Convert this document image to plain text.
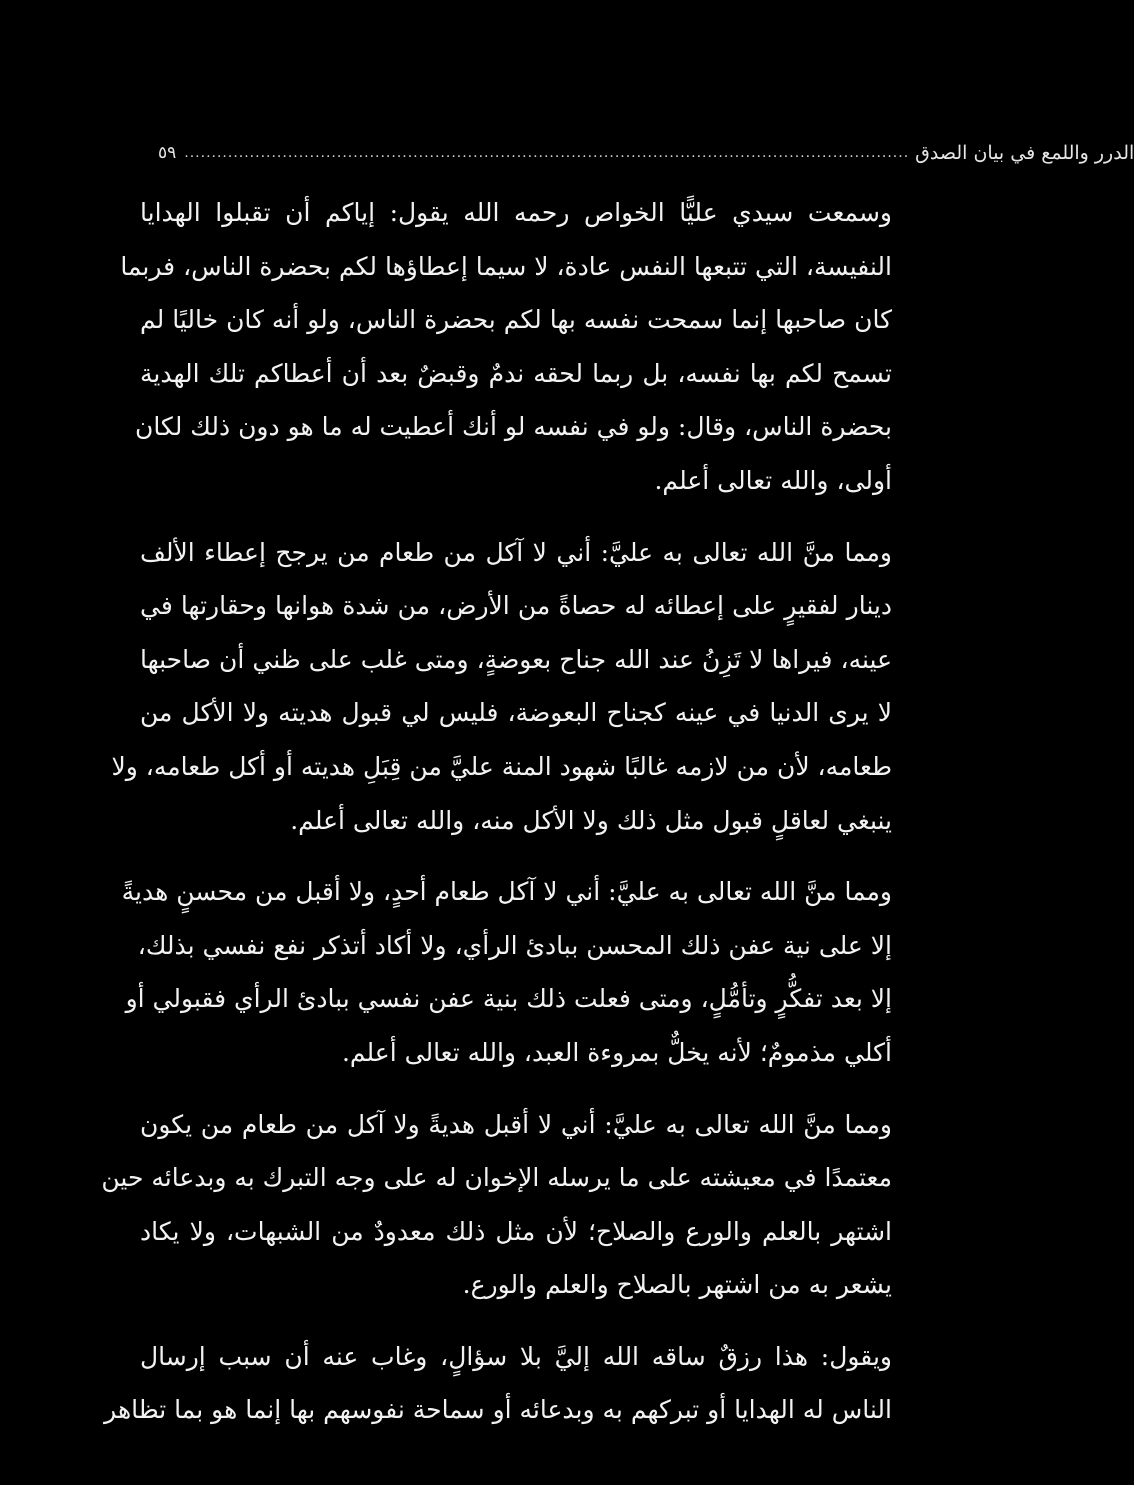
٥٩ ..................................................................................................................................... الدرر واللمع في بيان الصدق
وسمعت سيدي عليًّا الخواص رحمه الله يقول: إياكم أن تقبلوا الهدايا
النفيسة، التي تتبعها النفس عادة، لا سيما إعطاؤها لكم بحضرة الناس، فربما
كان صاحبها إنما سمحت نفسه بها لكم بحضرة الناس، ولو أنه كان خاليًا لم
تسمح لكم بها نفسه، بل ربما لحقه ندمٌ وقبضٌ بعد أن أعطاكم تلك الهدية
بحضرة الناس، وقال: ولو في نفسه لو أنك أعطيت له ما هو دون ذلك لكان
أولى، والله تعالى أعلم.
ومما منَّ الله تعالى به عليَّ: أني لا آكل من طعام من يرجح إعطاء الألف
دينار لفقيرٍ على إعطائه له حصاةً من الأرض، من شدة هوانها وحقارتها في
عينه، فيراها لا تَزِنُ عند الله جناح بعوضةٍ، ومتى غلب على ظني أن صاحبها
لا يرى الدنيا في عينه كجناح البعوضة، فليس لي قبول هديته ولا الأكل من
طعامه، لأن من لازمه غالبًا شهود المنة عليَّ من قِبَلِ هديته أو أكل طعامه، ولا
ينبغي لعاقلٍ قبول مثل ذلك ولا الأكل منه، والله تعالى أعلم.
ومما منَّ الله تعالى به عليَّ: أني لا آكل طعام أحدٍ، ولا أقبل من محسنٍ هديةً
إلا على نية عفن ذلك المحسن ببادئ الرأي، ولا أكاد أتذكر نفع نفسي بذلك،
إلا بعد تفكُّرٍ وتأمُّلٍ، ومتى فعلت ذلك بنية عفن نفسي ببادئ الرأي فقبولي أو
أكلي مذمومٌ؛ لأنه يخلٌّ بمروءة العبد، والله تعالى أعلم.
ومما منَّ الله تعالى به عليَّ: أني لا أقبل هديةً ولا آكل من طعام من يكون
معتمدًا في معيشته على ما يرسله الإخوان له على وجه التبرك به وبدعائه حين
اشتهر بالعلم والورع والصلاح؛ لأن مثل ذلك معدودٌ من الشبهات، ولا يكاد
يشعر به من اشتهر بالصلاح والعلم والورع.
ويقول: هذا رزقٌ ساقه الله إليَّ بلا سؤالٍ، وغاب عنه أن سبب إرسال
الناس له الهدايا أو تبركهم به وبدعائه أو سماحة نفوسهم بها إنما هو بما تظاهر
